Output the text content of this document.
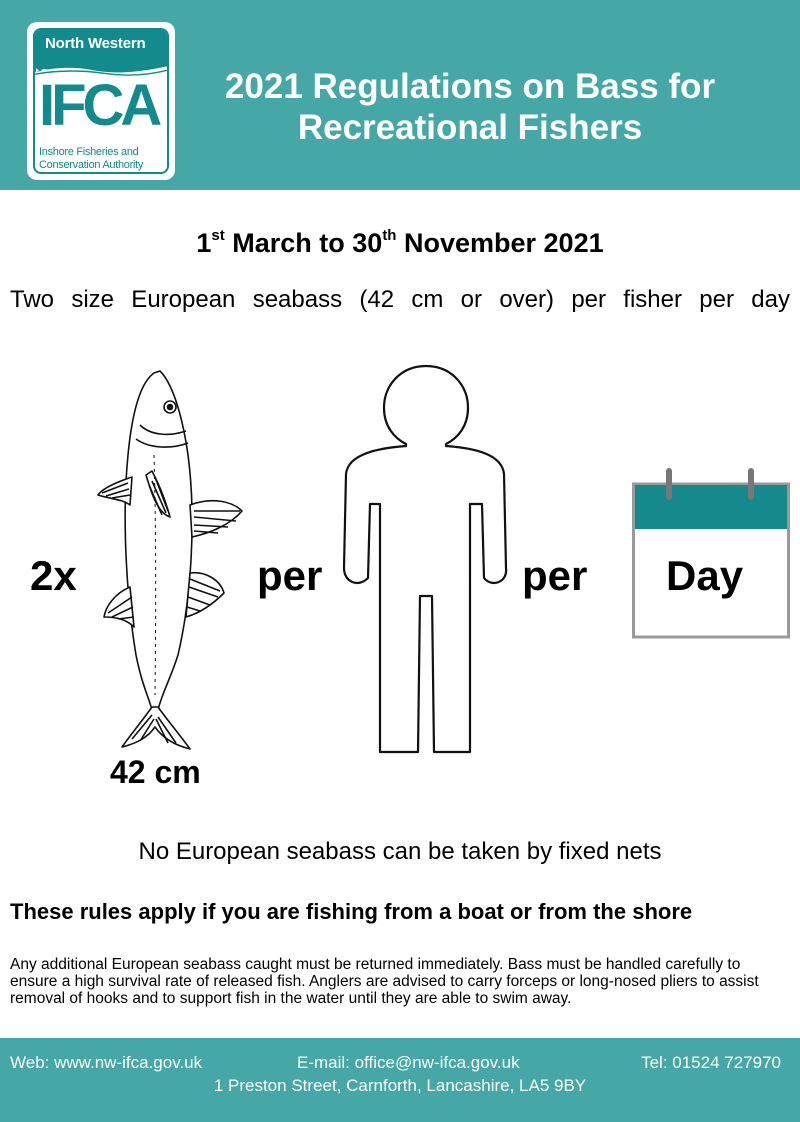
North Western
IFCA
Inshore Fisheries and
Conservation Authority
2021 Regulations on Bass for
Recreational Fishers
1st March to 30th November 2021
Two size European seabass (42 cm or over) per fisher per day
2x	per	per Day
42 cm
No European seabass can be taken by fixed nets
These rules apply if you are fishing from a boat or from the shore
Any additional European seabass caught must be returned immediately. Bass must be handled carefully to ensure a high survival rate of released fish. Anglers are advised to carry forceps or long-nosed pliers to assist removal of hooks and to support fish in the water until they are able to swim away.
Web: www.nw-ifca.gov.uk	E-mail: office@nw-ifca.gov.uk	Tel: 01524 727970
1 Preston Street, Carnforth, Lancashire, LA5 9BY
